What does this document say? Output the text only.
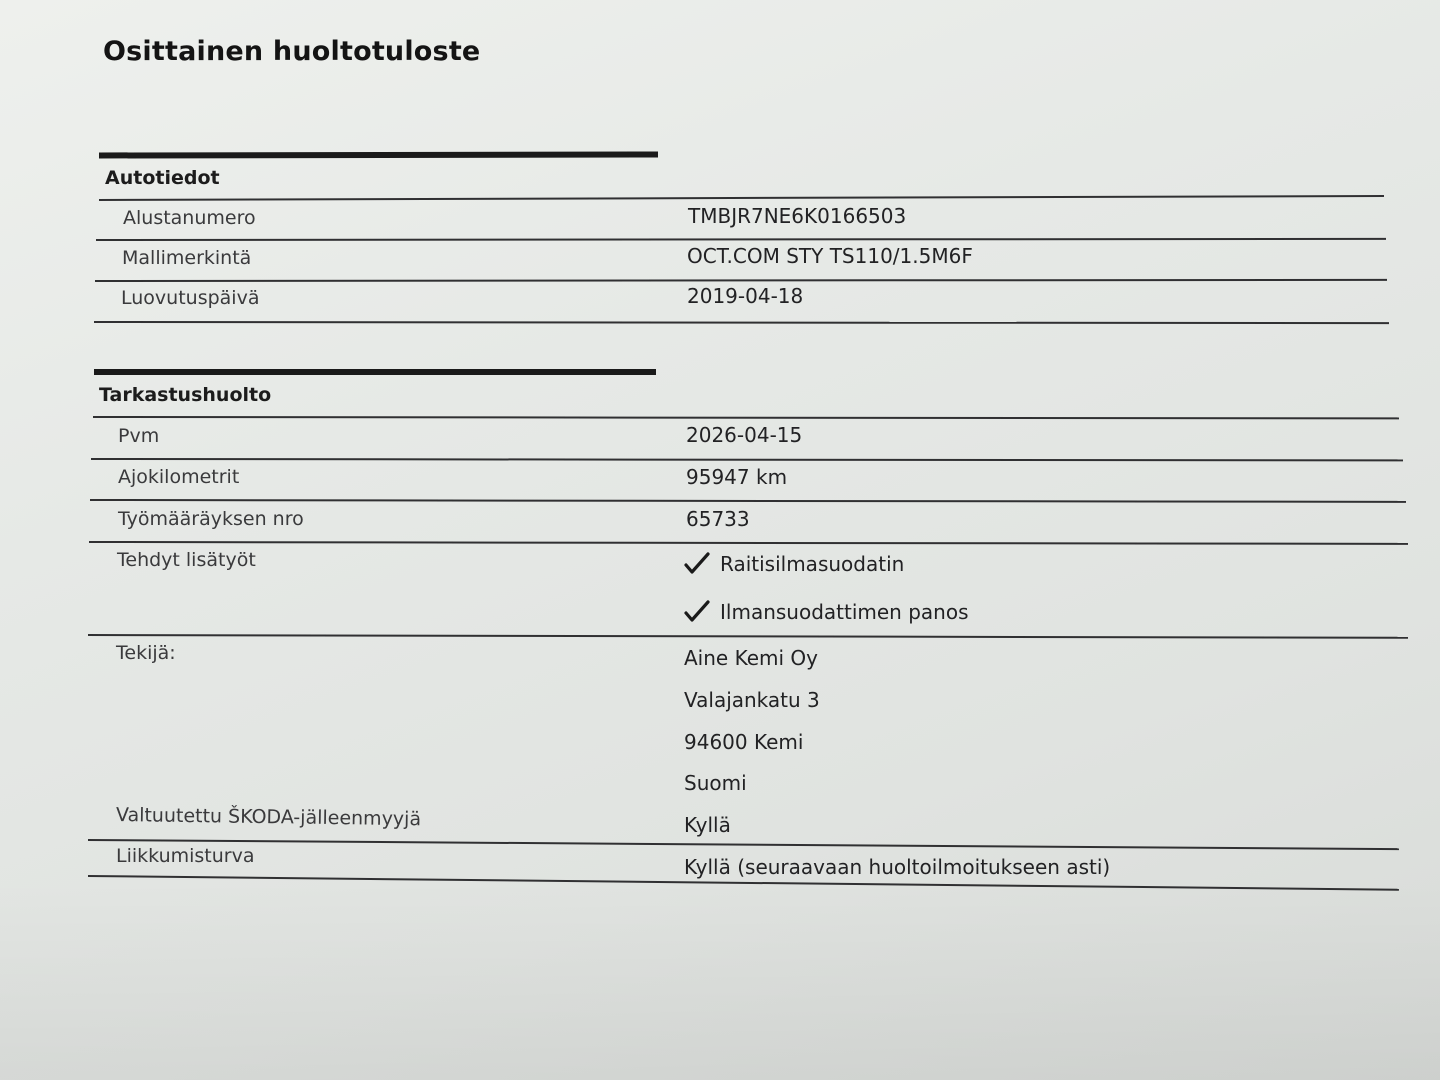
Osittainen huoltotuloste
Autotiedot
Alustanumero	TMBJR7NE6K0166503
Mallimerkintä	OCT.COM STY TS110/1.5M6F
Luovutuspäivä	2019-04-18
Tarkastushuolto
Pvm	2026-04-15
Ajokilometrit	95947 km
Työmääräyksen nro	65733
Tehdyt lisätyöt	Raitisilmasuodatin
Ilmansuodattimen panos
Tekijä:	Aine Kemi Oy
Valajankatu 3
94600 Kemi
Suomi
Valtuutettu ŠKODA-jälleenmyyjä	Kyllä
Liikkumisturva	Kyllä (seuraavaan huoltoilmoitukseen asti)
